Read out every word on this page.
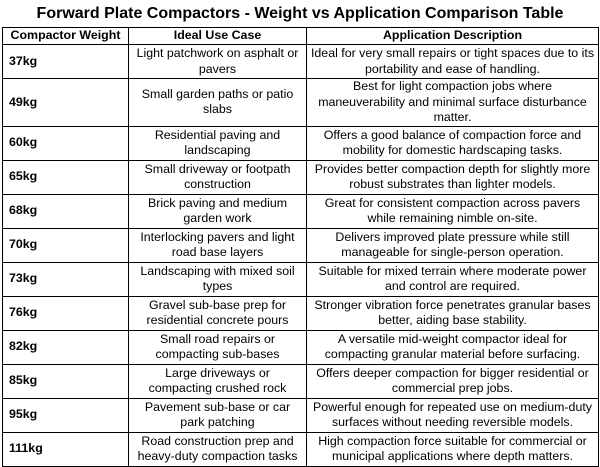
Forward Plate Compactors - Weight vs Application Comparison Table
Compactor Weight	Ideal Use Case	Application Description
37kg	Light patchwork on asphalt or pavers	Ideal for very small repairs or tight spaces due to its portability and ease of handling.
49kg	Small garden paths or patio slabs	Best for light compaction jobs where maneuverability and minimal surface disturbance matter.
60kg	Residential paving and landscaping	Offers a good balance of compaction force and mobility for domestic hardscaping tasks.
65kg	Small driveway or footpath construction	Provides better compaction depth for slightly more robust substrates than lighter models.
68kg	Brick paving and medium garden work	Great for consistent compaction across pavers while remaining nimble on-site.
70kg	Interlocking pavers and light road base layers	Delivers improved plate pressure while still manageable for single-person operation.
73kg	Landscaping with mixed soil types	Suitable for mixed terrain where moderate power and control are required.
76kg	Gravel sub-base prep for residential concrete pours	Stronger vibration force penetrates granular bases better, aiding base stability.
82kg	Small road repairs or compacting sub-bases	A versatile mid-weight compactor ideal for compacting granular material before surfacing.
85kg	Large driveways or compacting crushed rock	Offers deeper compaction for bigger residential or commercial prep jobs.
95kg	Pavement sub-base or car park patching	Powerful enough for repeated use on medium-duty surfaces without needing reversible models.
111kg	Road construction prep and heavy-duty compaction tasks	High compaction force suitable for commercial or municipal applications where depth matters.
